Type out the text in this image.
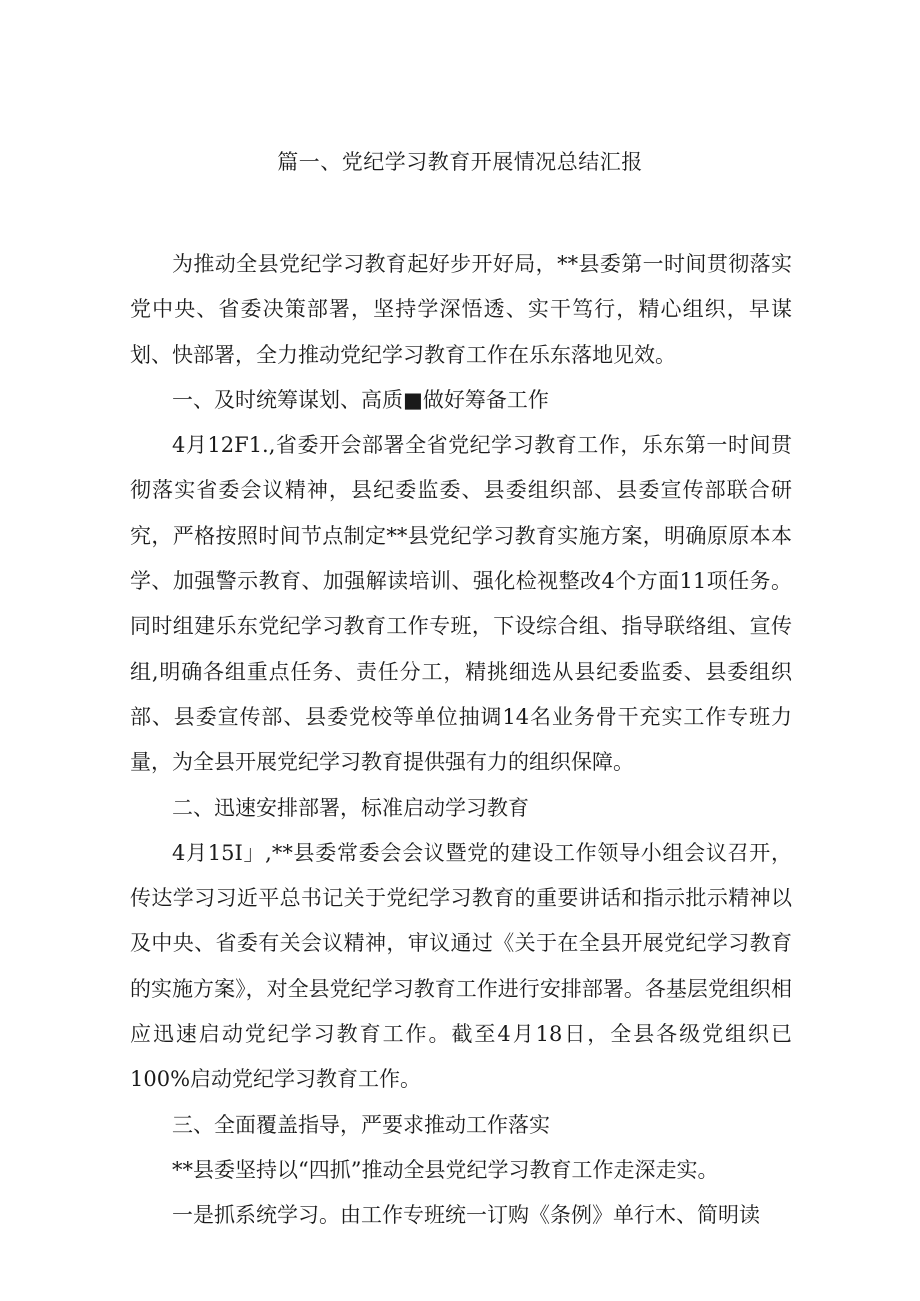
篇一、党纪学习教育开展情况总结汇报

为推动全县党纪学习教育起好步开好局，**县委第一时间贯彻落实党中央、省委决策部署，坚持学深悟透、实干笃行，精心组织，早谋划、快部署，全力推动党纪学习教育工作在乐东落地见效。

一、及时统筹谋划、高质■做好筹备工作

4月12F1.,省委开会部署全省党纪学习教育工作，乐东第一时间贯彻落实省委会议精神，县纪委监委、县委组织部、县委宣传部联合研究，严格按照时间节点制定**县党纪学习教育实施方案，明确原原本本学、加强警示教育、加强解读培训、强化检视整改4个方面11项任务。同时组建乐东党纪学习教育工作专班，下设综合组、指导联络组、宣传组,明确各组重点任务、责任分工，精挑细选从县纪委监委、县委组织部、县委宣传部、县委党校等单位抽调14名业务骨干充实工作专班力量，为全县开展党纪学习教育提供强有力的组织保障。

二、迅速安排部署，标准启动学习教育

4月15I」,**县委常委会会议暨党的建设工作领导小组会议召开，传达学习习近平总书记关于党纪学习教育的重要讲话和指示批示精神以及中央、省委有关会议精神，审议通过《关于在全县开展党纪学习教育的实施方案》，对全县党纪学习教育工作进行安排部署。各基层党组织相应迅速启动党纪学习教育工作。截至4月18日，全县各级党组织已100%启动党纪学习教育工作。

三、全面覆盖指导，严要求推动工作落实

**县委坚持以“四抓”推动全县党纪学习教育工作走深走实。

一是抓系统学习。由工作专班统一订购《条例》单行木、简明读
